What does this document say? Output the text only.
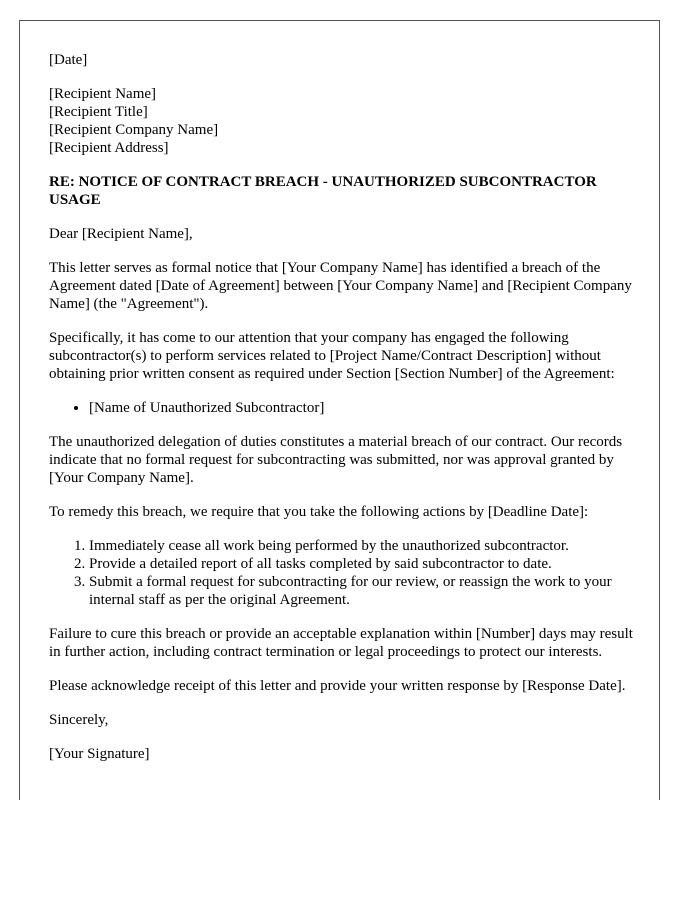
[Date]

[Recipient Name]
[Recipient Title]
[Recipient Company Name]
[Recipient Address]

RE: NOTICE OF CONTRACT BREACH - UNAUTHORIZED SUBCONTRACTOR USAGE

Dear [Recipient Name],

This letter serves as formal notice that [Your Company Name] has identified a breach of the Agreement dated [Date of Agreement] between [Your Company Name] and [Recipient Company Name] (the "Agreement").

Specifically, it has come to our attention that your company has engaged the following subcontractor(s) to perform services related to [Project Name/Contract Description] without obtaining prior written consent as required under Section [Section Number] of the Agreement:

• [Name of Unauthorized Subcontractor]

The unauthorized delegation of duties constitutes a material breach of our contract. Our records indicate that no formal request for subcontracting was submitted, nor was approval granted by [Your Company Name].

To remedy this breach, we require that you take the following actions by [Deadline Date]:

1. Immediately cease all work being performed by the unauthorized subcontractor.
2. Provide a detailed report of all tasks completed by said subcontractor to date.
3. Submit a formal request for subcontracting for our review, or reassign the work to your internal staff as per the original Agreement.

Failure to cure this breach or provide an acceptable explanation within [Number] days may result in further action, including contract termination or legal proceedings to protect our interests.

Please acknowledge receipt of this letter and provide your written response by [Response Date].

Sincerely,

[Your Signature]
